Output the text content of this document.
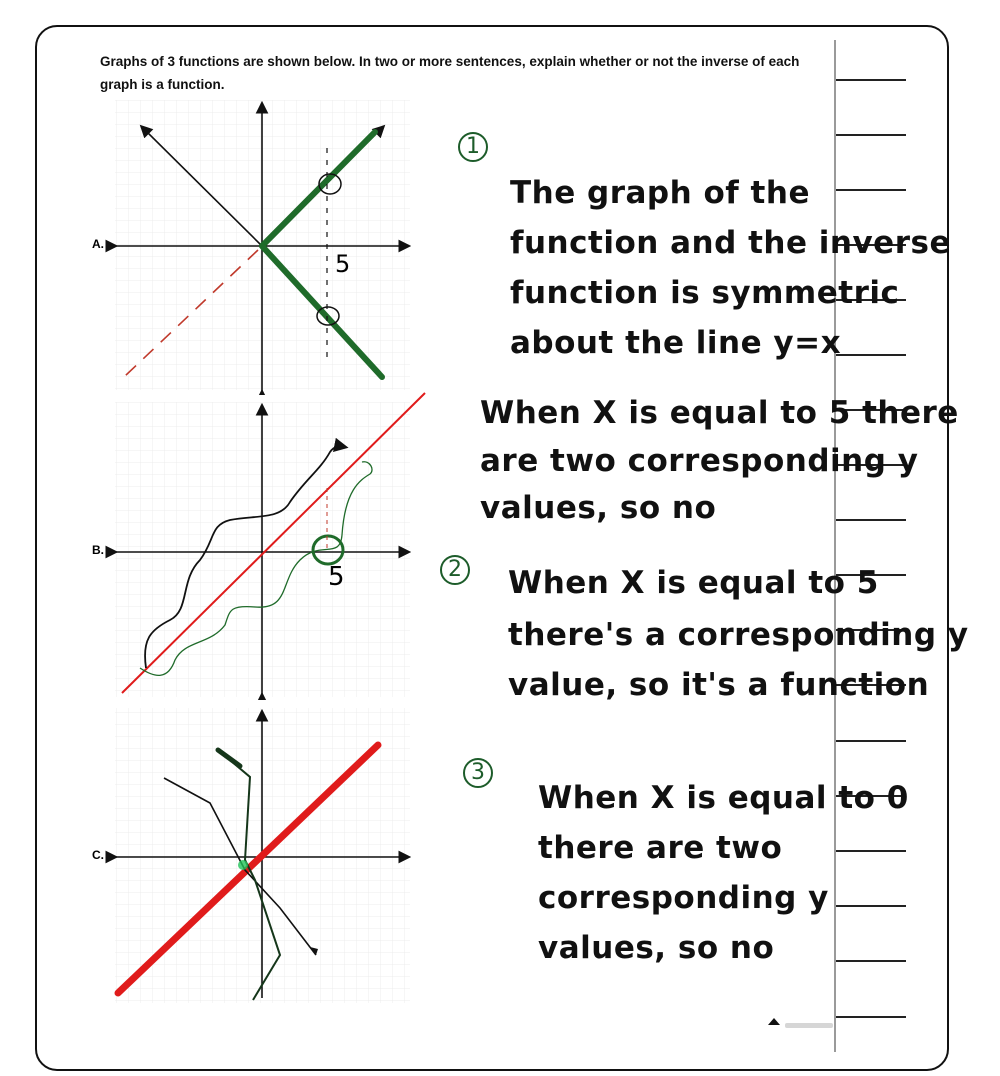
Graphs of 3 functions are shown below. In two or more sentences, explain whether or not the inverse of each graph is a function.
A.
5
B.
5
C.
1
The graph of the
function and the inverse
function is symmetric
about the line y=x
When X is equal to 5 there
are two corresponding y
values, so no
2 When X is equal to 5
there's a corresponding y
value, so it's a function
3
When X is equal to 0
there are two
corresponding y
values, so no
